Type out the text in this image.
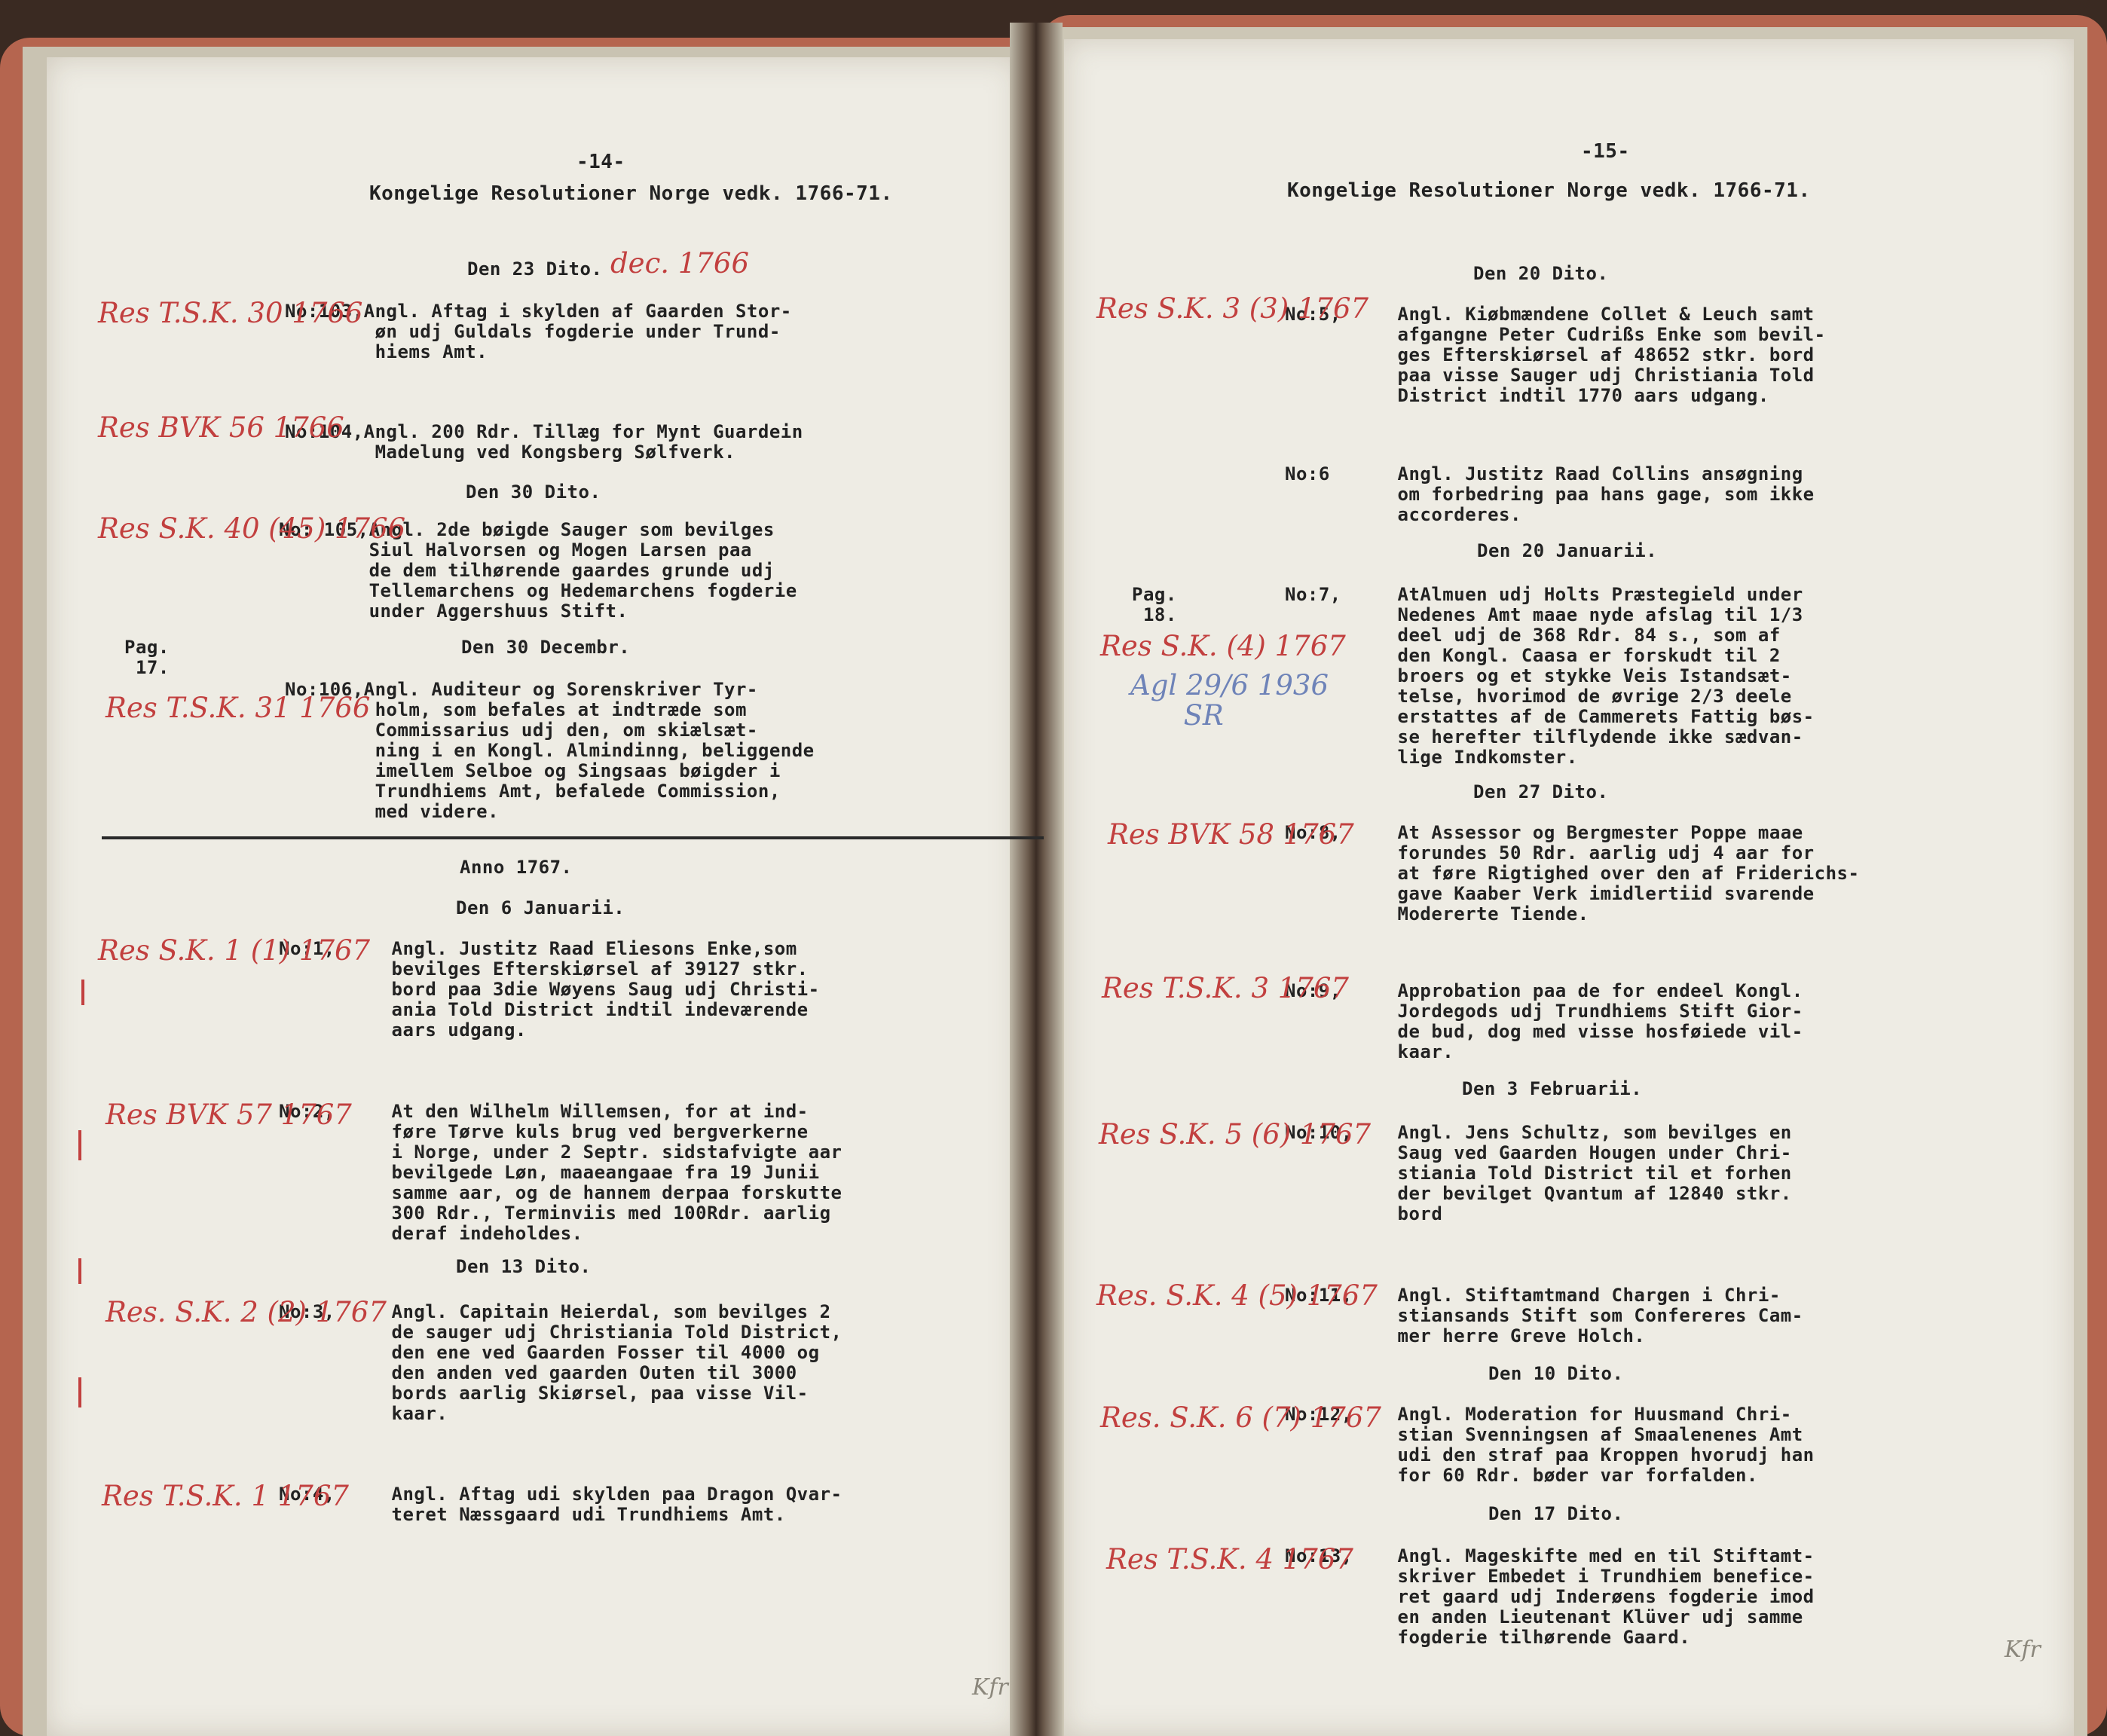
-14-
Kongelige Resolutioner Norge vedk. 1766-71.
Den 23 Dito.
No:103,Angl. Aftag i skylden af Gaarden Stor-
øn udj Guldals fogderie under Trund-
hiems Amt.
No:104,Angl. 200 Rdr. Tillæg for Mynt Guardein
Madelung ved Kongsberg Sølfverk.
Den 30 Dito.
No: 105,Angl. 2de bøigde Sauger som bevilges
Siul Halvorsen og Mogen Larsen paa
de dem tilhørende gaardes grunde udj
Tellemarchens og Hedemarchens fogderie
under Aggershuus Stift.
Pag.
17.
Den 30 Decembr.
No:106,Angl. Auditeur og Sorenskriver Tyr-
holm, som befales at indtræde som
Commissarius udj den, om skiælsæt-
ning i en Kongl. Almindinng, beliggende
imellem Selboe og Singsaas bøigder i
Trundhiems Amt, befalede Commission,
med videre.
Anno 1767.
Den 6 Januarii.
No:1,     Angl. Justitz Raad Eliesons Enke,som
bevilges Efterskiørsel af 39127 stkr.
bord paa 3die Wøyens Saug udj Christi-
ania Told District indtil indeværende
aars udgang.
No:2,     At den Wilhelm Willemsen, for at ind-
føre Tørve kuls brug ved bergverkerne
i Norge, under 2 Septr. sidstafvigte aar
bevilgede Løn, maaeangaae fra 19 Junii
samme aar, og de hannem derpaa forskutte
300 Rdr., Terminviis med 100Rdr. aarlig
deraf indeholdes.
Den 13 Dito.
No:3,     Angl. Capitain Heierdal, som bevilges 2
de sauger udj Christiania Told District,
den ene ved Gaarden Fosser til 4000 og
den anden ved gaarden Outen til 3000
bords aarlig Skiørsel, paa visse Vil-
kaar.
No:4,     Angl. Aftag udi skylden paa Dragon Qvar-
teret Næssgaard udi Trundhiems Amt.
dec. 1766
Res T.S.K. 30 1766
Res BVK 56 1766
Res S.K. 40 (45) 1766
Res T.S.K. 31 1766
Res S.K. 1 (1) 1767
Res BVK 57 1767
Res. S.K. 2 (2) 1767
Res T.S.K. 1 1767
-15-
Kongelige Resolutioner Norge vedk. 1766-71.
Den 20 Dito.
No:5,     Angl. Kiøbmændene Collet & Leuch samt
afgangne Peter Cudrißs Enke som bevil-
ges Efterskiørsel af 48652 stkr. bord
paa visse Sauger udj Christiania Told
District indtil 1770 aars udgang.
No:6      Angl. Justitz Raad Collins ansøgning
om forbedring paa hans gage, som ikke
accorderes.
Den 20 Januarii.
Pag.
18.
No:7,     AtAlmuen udj Holts Præstegield under
Nedenes Amt maae nyde afslag til 1/3
deel udj de 368 Rdr. 84 s., som af
den Kongl. Caasa er forskudt til 2
broers og et stykke Veis Istandsæt-
telse, hvorimod de øvrige 2/3 deele
erstattes af de Cammerets Fattig bøs-
se herefter tilflydende ikke sædvan-
lige Indkomster.
Den 27 Dito.
No:8,     At Assessor og Bergmester Poppe maae
forundes 50 Rdr. aarlig udj 4 aar for
at føre Rigtighed over den af Friderichs-
gave Kaaber Verk imidlertiid svarende
Modererte Tiende.
No:9,     Approbation paa de for endeel Kongl.
Jordegods udj Trundhiems Stift Gior-
de bud, dog med visse hosføiede vil-
kaar.
Den 3 Februarii.
No:10,    Angl. Jens Schultz, som bevilges en
Saug ved Gaarden Hougen under Chri-
stiania Told District til et forhen
der bevilget Qvantum af 12840 stkr.
bord
No:11,    Angl. Stiftamtmand Chargen i Chri-
stiansands Stift som Confereres Cam-
mer herre Greve Holch.
Den 10 Dito.
No:12,    Angl. Moderation for Huusmand Chri-
stian Svenningsen af Smaalenenes Amt
udi den straf paa Kroppen hvorudj han
for 60 Rdr. bøder var forfalden.
Den 17 Dito.
No:13,    Angl. Mageskifte med en til Stiftamt-
skriver Embedet i Trundhiem benefice-
ret gaard udj Inderøens fogderie imod
en anden Lieutenant Klüver udj samme
fogderie tilhørende Gaard.
Res S.K. 3 (3) 1767
Res S.K. (4) 1767
Agl 29/6 1936
SR
Res BVK 58 1767
Res T.S.K. 3 1767
Res S.K. 5 (6) 1767
Res. S.K. 4 (5) 1767
Res. S.K. 6 (7) 1767
Res T.S.K. 4 1767
Kfr
Kfr
